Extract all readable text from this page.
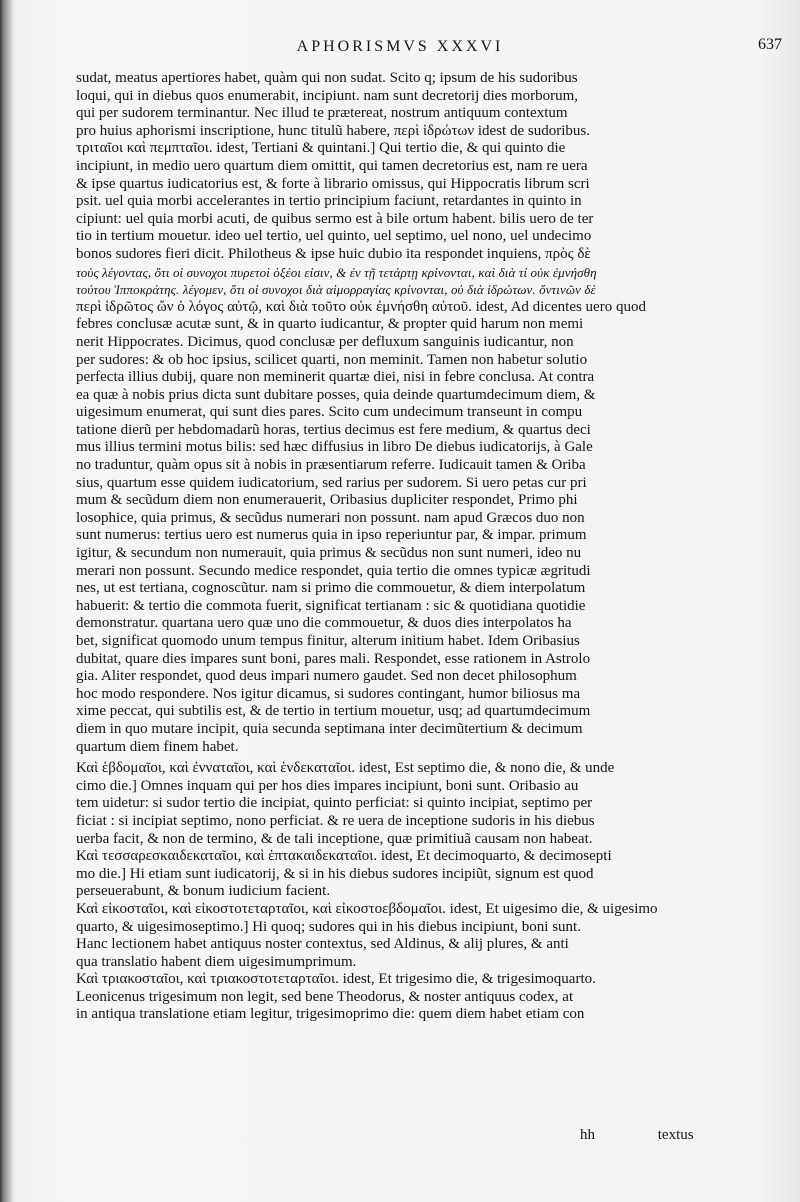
APHORISMVS XXXVI	637
sudat, meatus apertiores habet, quàm qui non sudat. Scito q; ipsum de his sudoribus
loqui, qui in diebus quos enumerabit, incipiunt. nam sunt decretorij dies morborum,
qui per sudorem terminantur. Nec illud te prætereat, nostrum antiquum contextum
pro huius aphorismi inscriptione, hunc titulũ habere, περὶ ἱδρώτων idest de sudoribus.
τριταῖοι καὶ πεμπταῖοι. idest, Tertiani & quintani.] Qui tertio die, & qui quinto die
incipiunt, in medio uero quartum diem omittit, qui tamen decretorius est, nam re uera
& ipse quartus iudicatorius est, & forte à librario omissus, qui Hippocratis librum scri
psit. uel quia morbi accelerantes in tertio principium faciunt, retardantes in quinto in
cipiunt: uel quia morbi acuti, de quibus sermo est à bile ortum habent. bilis uero de ter
tio in tertium mouetur. ideo uel tertio, uel quinto, uel septimo, uel nono, uel undecimo
bonos sudores fieri dicit. Philotheus & ipse huic dubio ita respondet inquiens, πρὸς δὲ
τοὺς λέγοντας, ὅτι οἱ συνοχοι πυρετοὶ ὀξέοι εἰσιν, & ἐν τῇ τετάρτῃ κρίνονται, καὶ διὰ τί οὐκ ἐμνήσθη
τούτου Ἱπποκράτης. λέγομεν, ὅτι οἱ συνοχοι διὰ αἱμορραγίας κρίνονται, οὐ διὰ ἱδρώτων. ὅντινῶν δὲ
περὶ ἱδρῶτος ὤν ὁ λόγος αὐτῷ, καὶ διὰ τοῦτο οὐκ ἐμνήσθη αὐτοῦ. idest, Ad dicentes uero quod
febres conclusæ acutæ sunt, & in quarto iudicantur, & propter quid harum non memi
nerit Hippocrates. Dicimus, quod conclusæ per defluxum sanguinis iudicantur, non
per sudores: & ob hoc ipsius, scilicet quarti, non meminit. Tamen non habetur solutio
perfecta illius dubij, quare non meminerit quartæ diei, nisi in febre conclusa. At contra
ea quæ à nobis prius dicta sunt dubitare posses, quia deinde quartumdecimum diem, &
uigesimum enumerat, qui sunt dies pares. Scito cum undecimum transeunt in compu
tatione dierũ per hebdomadarũ horas, tertius decimus est fere medium, & quartus deci
mus illius termini motus bilis: sed hæc diffusius in libro De diebus iudicatorijs, à Gale
no traduntur, quàm opus sit à nobis in præsentiarum referre. Iudicauit tamen & Oriba
sius, quartum esse quidem iudicatorium, sed rarius per sudorem. Si uero petas cur pri
mum & secũdum diem non enumerauerit, Oribasius dupliciter respondet, Primo phi
losophice, quia primus, & secũdus numerari non possunt. nam apud Græcos duo non
sunt numerus: tertius uero est numerus quia in ipso reperiuntur par, & impar. primum
igitur, & secundum non numerauit, quia primus & secũdus non sunt numeri, ideo nu
merari non possunt. Secundo medice respondet, quia tertio die omnes typicæ ægritudi
nes, ut est tertiana, cognoscũtur. nam si primo die commouetur, & diem interpolatum
habuerit: & tertio die commota fuerit, significat tertianam : sic & quotidiana quotidie
demonstratur. quartana uero quæ uno die commouetur, & duos dies interpolatos ha
bet, significat quomodo unum tempus finitur, alterum initium habet. Idem Oribasius
dubitat, quare dies impares sunt boni, pares mali. Respondet, esse rationem in Astrolo
gia. Aliter respondet, quod deus impari numero gaudet. Sed non decet philosophum
hoc modo respondere. Nos igitur dicamus, si sudores contingant, humor biliosus ma
xime peccat, qui subtilis est, & de tertio in tertium mouetur, usq; ad quartumdecimum
diem in quo mutare incipit, quia secunda septimana inter decimũtertium & decimum
quartum diem finem habet.
Καὶ ἑβδομαῖοι, καὶ ἐνναταῖοι, καὶ ἑνδεκαταῖοι. idest, Est septimo die, & nono die, & unde
cimo die.] Omnes inquam qui per hos dies impares incipiunt, boni sunt. Oribasio au
tem uidetur: si sudor tertio die incipiat, quinto perficiat: si quinto incipiat, septimo per
ficiat : si incipiat septimo, nono perficiat. & re uera de inceptione sudoris in his diebus
uerba facit, & non de termino, & de tali inceptione, quæ primitiuã causam non habeat.
Καὶ τεσσαρεσκαιδεκαταῖοι, καὶ ἑπτακαιδεκαταῖοι. idest, Et decimoquarto, & decimosepti
mo die.] Hi etiam sunt iudicatorij, & si in his diebus sudores incipiũt, signum est quod
perseuerabunt, & bonum iudicium facient.
Καὶ εἰκοσταῖοι, καὶ εἰκοστοτεταρταῖοι, καὶ εἰκοστοεβδομαῖοι. idest, Et uigesimo die, & uigesimo
quarto, & uigesimoseptimo.] Hi quoq; sudores qui in his diebus incipiunt, boni sunt.
Hanc lectionem habet antiquus noster contextus, sed Aldinus, & alij plures, & anti
qua translatio habent diem uigesimumprimum.
Καὶ τριακοσταῖοι, καὶ τριακοστοτεταρταῖοι. idest, Et trigesimo die, & trigesimoquarto.
Leonicenus trigesimum non legit, sed bene Theodorus, & noster antiquus codex, at
in antiqua translatione etiam legitur, trigesimoprimo die: quem diem habet etiam con
hh	textus
